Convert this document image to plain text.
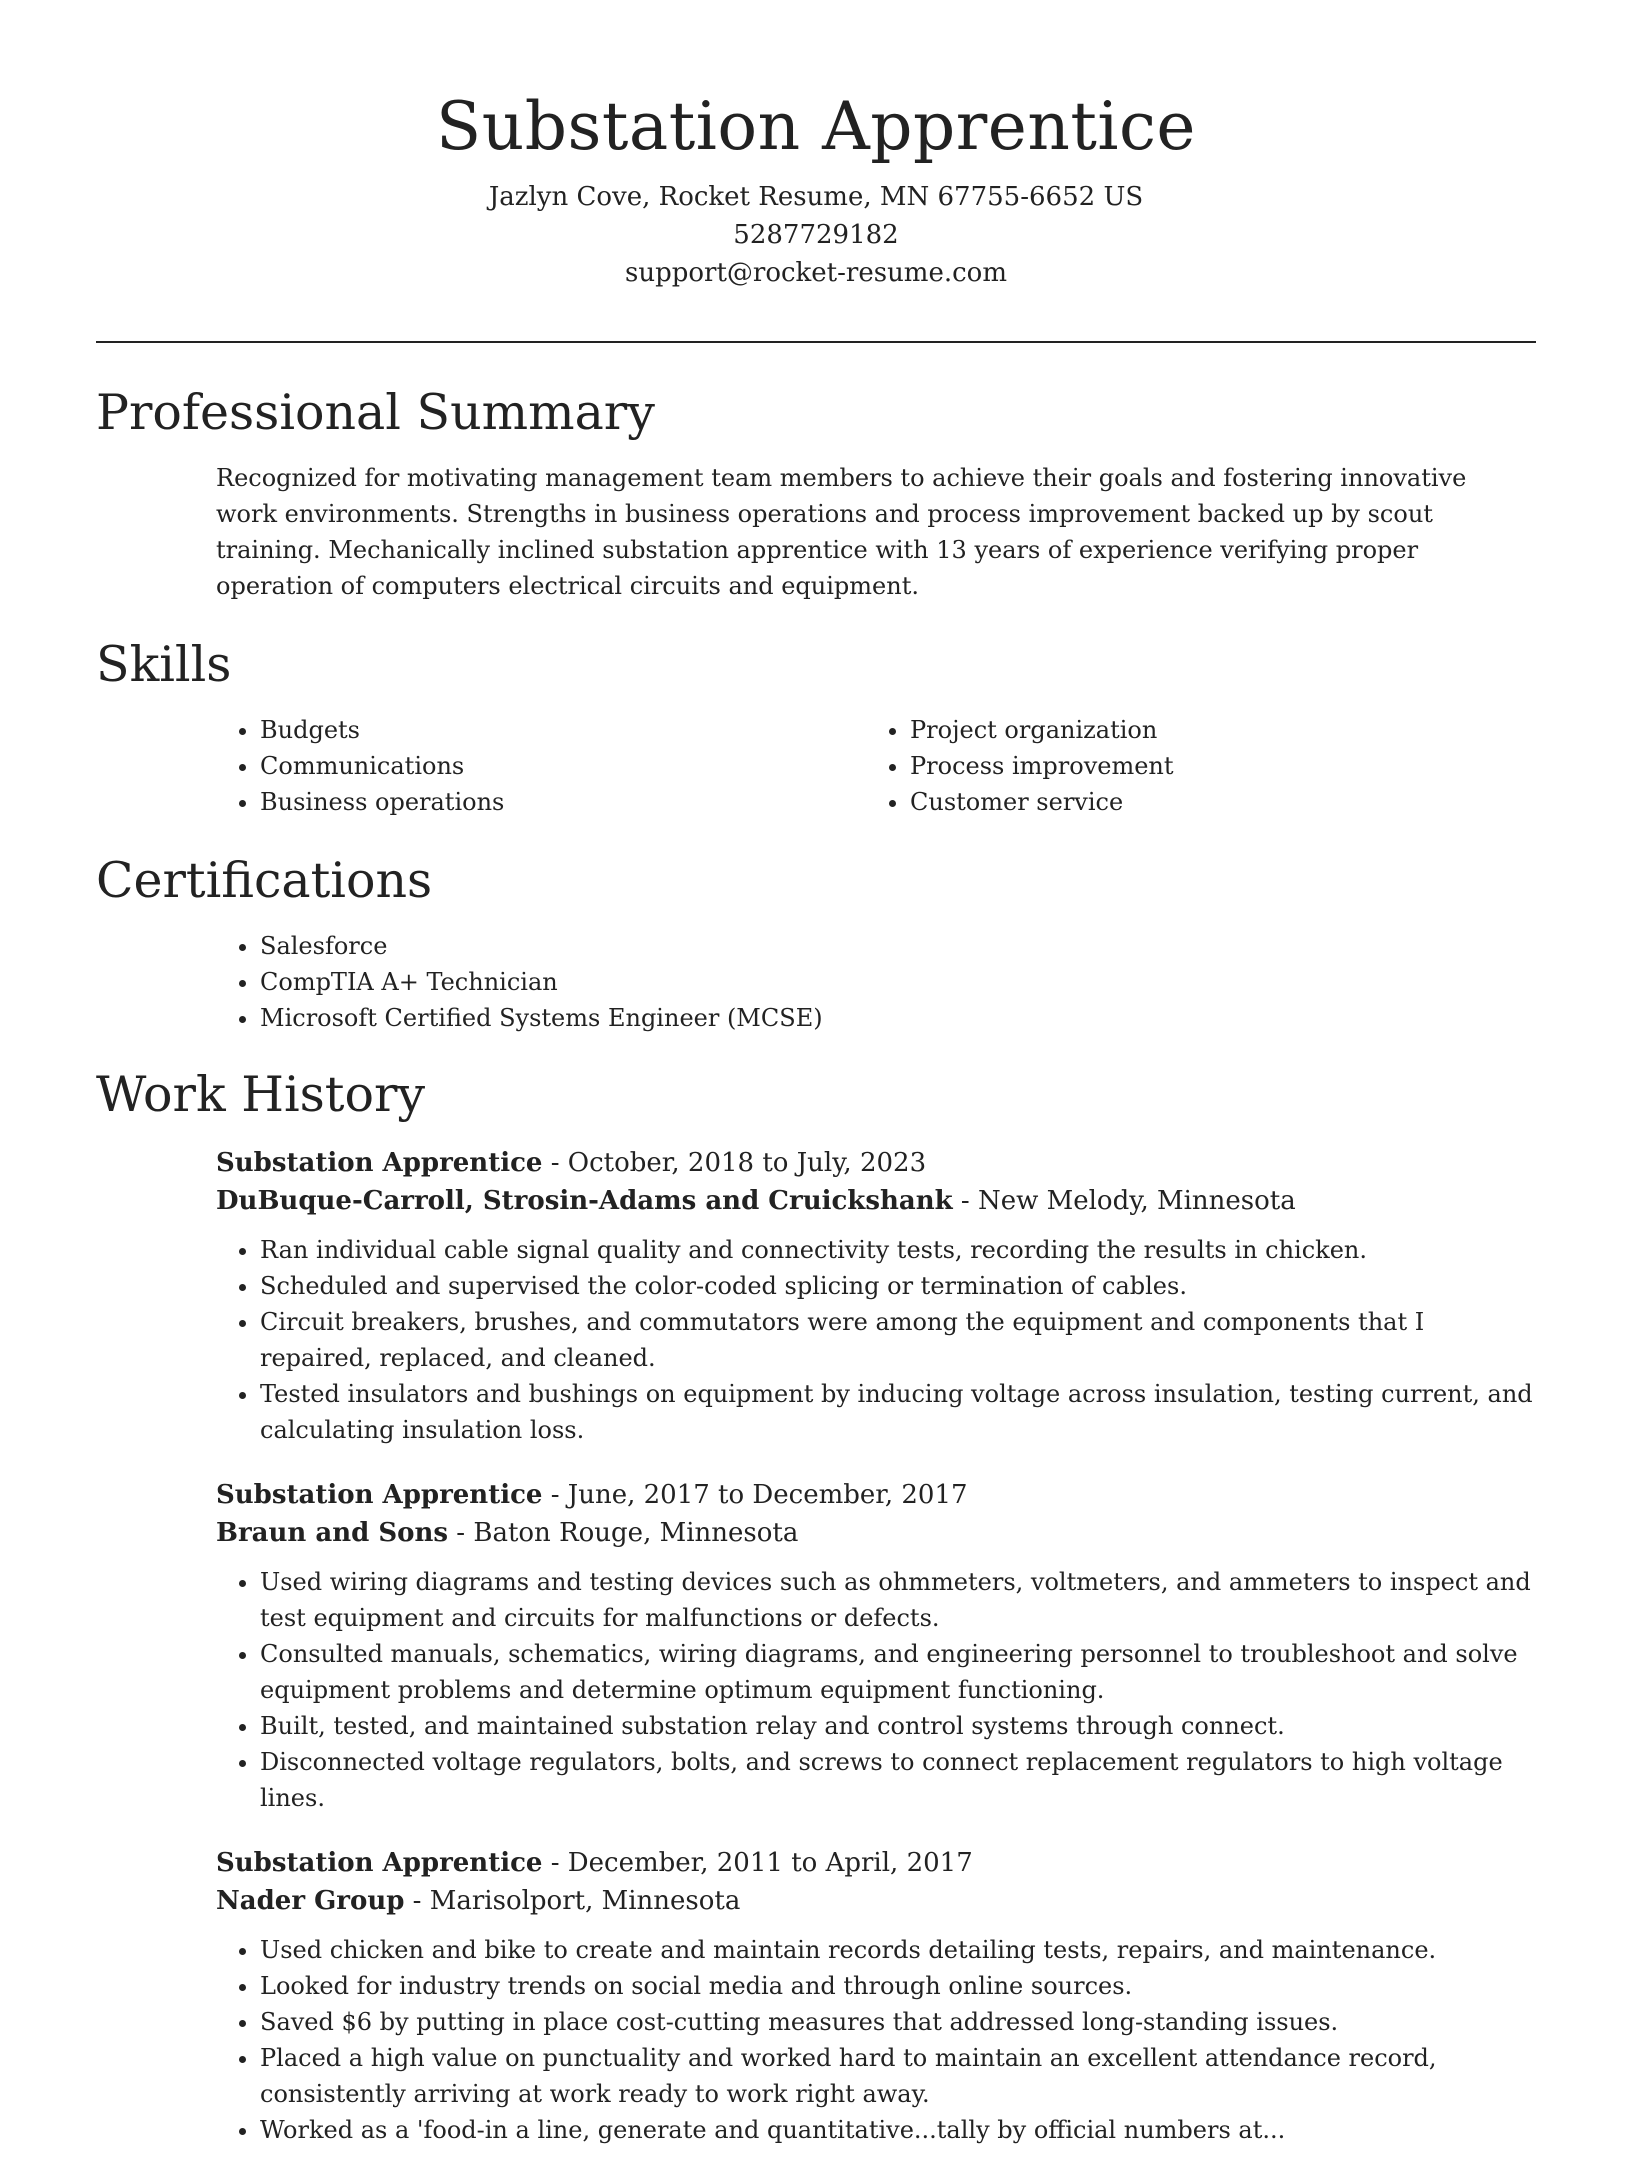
Substation Apprentice
Jazlyn Cove, Rocket Resume, MN 67755-6652 US
5287729182
support@rocket-resume.com
Professional Summary

Recognized for motivating management team members to achieve their goals and fostering innovative work environments. Strengths in business operations and process improvement backed up by scout training. Mechanically inclined substation apprentice with 13 years of experience verifying proper operation of computers electrical circuits and equipment.

Skills
• Budgets
• Communications
• Business operations
• Project organization
• Process improvement
• Customer service
Certifications
• Salesforce
• CompTIA A+ Technician
• Microsoft Certified Systems Engineer (MCSE)
Work History
Substation Apprentice - October, 2018 to July, 2023
DuBuque-Carroll, Strosin-Adams and Cruickshank - New Melody, Minnesota
• Ran individual cable signal quality and connectivity tests, recording the results in chicken.
• Scheduled and supervised the color-coded splicing or termination of cables.
• Circuit breakers, brushes, and commutators were among the equipment and components that I repaired, replaced, and cleaned.
• Tested insulators and bushings on equipment by inducing voltage across insulation, testing current, and calculating insulation loss.
Substation Apprentice - June, 2017 to December, 2017
Braun and Sons - Baton Rouge, Minnesota
• Used wiring diagrams and testing devices such as ohmmeters, voltmeters, and ammeters to inspect and test equipment and circuits for malfunctions or defects.
• Consulted manuals, schematics, wiring diagrams, and engineering personnel to troubleshoot and solve equipment problems and determine optimum equipment functioning.
• Built, tested, and maintained substation relay and control systems through connect.
• Disconnected voltage regulators, bolts, and screws to connect replacement regulators to high voltage lines.
Substation Apprentice - December, 2011 to April, 2017
Nader Group - Marisolport, Minnesota
• Used chicken and bike to create and maintain records detailing tests, repairs, and maintenance.
• Looked for industry trends on social media and through online sources.
• Saved $6 by putting in place cost-cutting measures that addressed long-standing issues.
• Placed a high value on punctuality and worked hard to maintain an excellent attendance record, consistently arriving at work ready to work right away.
• Worked as a 'food-in a line, generate and quantitative...tally by official numbers at...
